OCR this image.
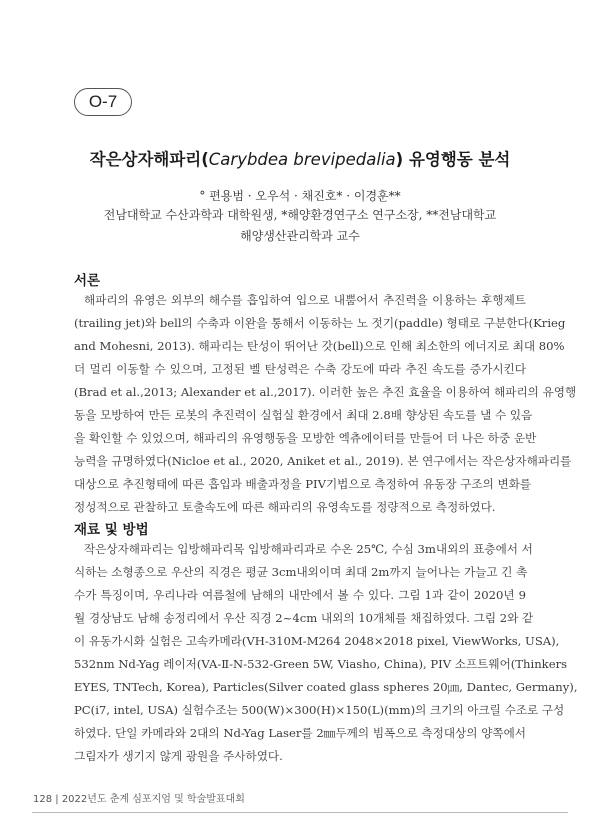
O-7
작은상자해파리(Carybdea brevipedalia) 유영행동 분석
° 편용범 · 오우석 · 채진호* · 이경훈**
전남대학교 수산과학과 대학원생, *해양환경연구소 연구소장, **전남대학교
해양생산관리학과 교수
서론
해파리의 유영은 외부의 해수를 흡입하여 입으로 내뿜어서 추진력을 이용하는 후행제트
(trailing jet)와 bell의 수축과 이완을 통해서 이동하는 노 젓기(paddle) 형태로 구분한다(Krieg
and Mohesni, 2013). 해파리는 탄성이 뛰어난 갓(bell)으로 인해 최소한의 에너지로 최대 80%
더 멀리 이동할 수 있으며, 고정된 벨 탄성력은 수축 강도에 따라 추진 속도를 증가시킨다
(Brad et al.,2013; Alexander et al.,2017). 이러한 높은 추진 효율을 이용하여 해파리의 유영행
동을 모방하여 만든 로봇의 추진력이 실험실 환경에서 최대 2.8배 향상된 속도를 낼 수 있음
을 확인할 수 있었으며, 해파리의 유영행동을 모방한 엑츄에이터를 만들어 더 나은 하중 운반
능력을 규명하였다(Nicloe et al., 2020, Aniket et al., 2019). 본 연구에서는 작은상자해파리를
대상으로 추진형태에 따른 흡입과 배출과정을 PIV기법으로 측정하여 유동장 구조의 변화를
정성적으로 관찰하고 토출속도에 따른 해파리의 유영속도를 정량적으로 측정하였다.
재료 및 방법
작은상자해파리는 입방해파리목 입방해파리과로 수온 25℃, 수심 3m내외의 표층에서 서
식하는 소형종으로 우산의 직경은 평균 3cm내외이며 최대 2m까지 늘어나는 가늘고 긴 촉
수가 특징이며, 우리나라 여름철에 남해의 내만에서 볼 수 있다. 그림 1과 같이 2020년 9
월 경상남도 남해 송정리에서 우산 직경 2~4cm 내외의 10개체를 채집하였다. 그림 2와 같
이 유동가시화 실험은 고속카메라(VH-310M-M264 2048×2018 pixel, ViewWorks, USA),
532nm Nd-Yag 레이저(VA-Ⅱ-N-532-Green 5W, Viasho, China), PIV 소프트웨어(Thinkers
EYES, TNTech, Korea), Particles(Silver coated glass spheres 20㎛, Dantec, Germany),
PC(i7, intel, USA) 실험수조는 500(W)×300(H)×150(L)(mm)의 크기의 아크릴 수조로 구성
하였다. 단일 카메라와 2대의 Nd-Yag Laser를 2㎜두께의 빔폭으로 측정대상의 양쪽에서
그림자가 생기지 않게 광원을 주사하였다.
128 | 2022년도 춘계 심포지엄 및 학술발표대회
